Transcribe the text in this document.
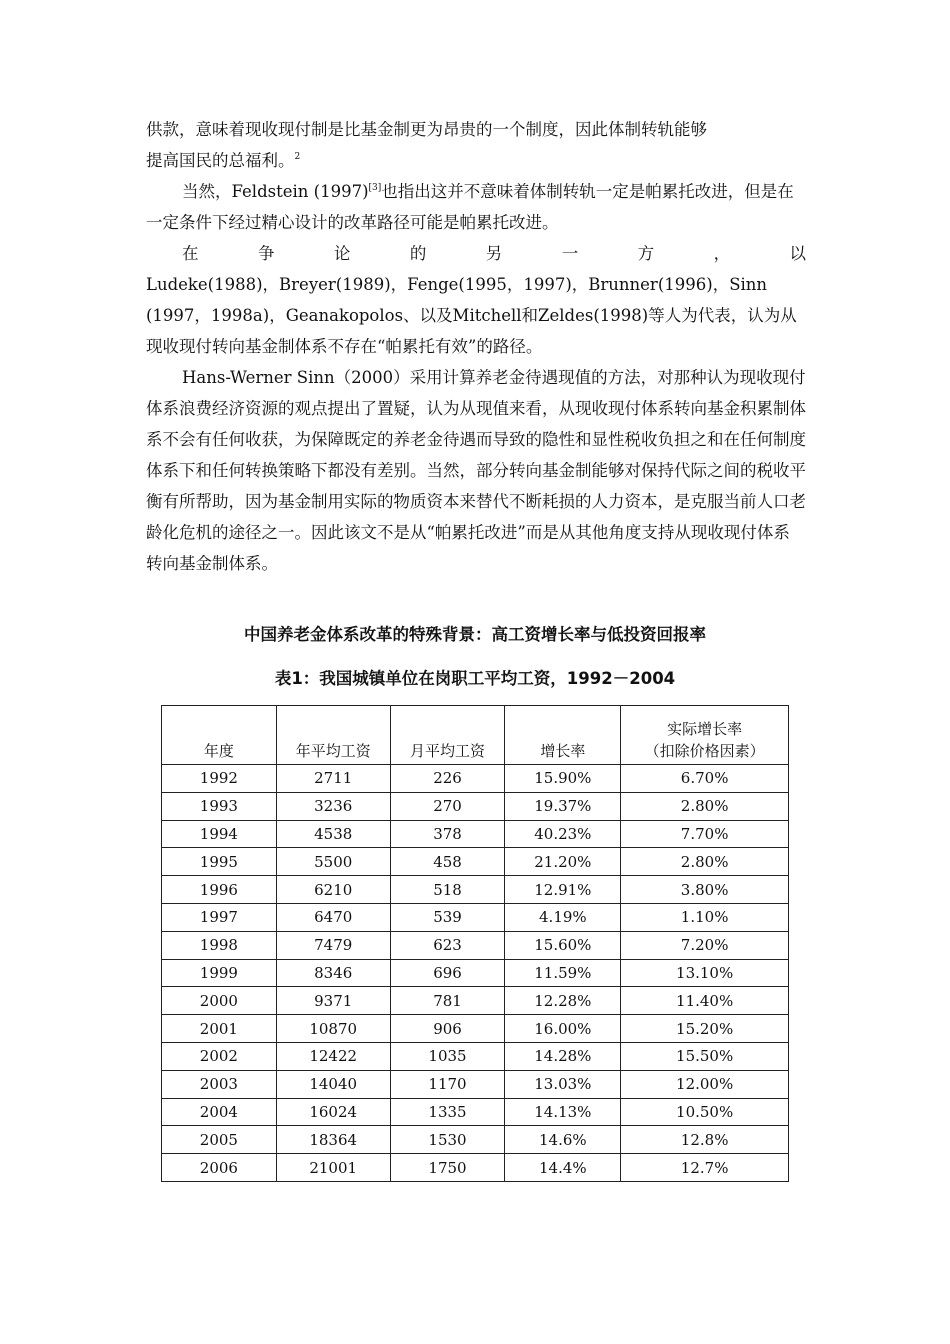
供款，意味着现收现付制是比基金制更为昂贵的一个制度，因此体制转轨能够

提高国民的总福利。$^2$

当然，Feldstein (1997)[3]也指出这并不意味着体制转轨一定是帕累托改进，但是在一定条件下经过精心设计的改革路径可能是帕累托改进。

在	争	论	的	另	一	方	，	以

Ludeke(1988)，Breyer(1989)，Fenge(1995，1997)，Brunner(1996)，Sinn (1997，1998a)，Geanakopolos、以及Mitchell和Zeldes(1998)等人为代表，认为从现收现付转向基金制体系不存在“帕累托有效”的路径。

Hans-Werner Sinn（2000）采用计算养老金待遇现值的方法，对那种认为现收现付体系浪费经济资源的观点提出了置疑，认为从现值来看，从现收现付体系转向基金积累制体系不会有任何收获，为保障既定的养老金待遇而导致的隐性和显性税收负担之和在任何制度体系下和任何转换策略下都没有差别。当然，部分转向基金制能够对保持代际之间的税收平衡有所帮助，因为基金制用实际的物质资本来替代不断耗损的人力资本，是克服当前人口老龄化危机的途径之一。因此该文不是从“帕累托改进”而是从其他角度支持从现收现付体系转向基金制体系。

中国养老金体系改革的特殊背景：高工资增长率与低投资回报率
表1：我国城镇单位在岗职工平均工资，1992－2004
年度	年平均工资	月平均工资	增长率	实际增长率
（扣除价格因素）

1992	2711	226	15.90%	6.70%
1993	3236	270	19.37%	2.80%
1994	4538	378	40.23%	7.70%
1995	5500	458	21.20%	2.80%
1996	6210	518	12.91%	3.80%
1997	6470	539	4.19%	1.10%
1998	7479	623	15.60%	7.20%
1999	8346	696	11.59%	13.10%
2000	9371	781	12.28%	11.40%
2001	10870	906	16.00%	15.20%
2002	12422	1035	14.28%	15.50%
2003	14040	1170	13.03%	12.00%
2004	16024	1335	14.13%	10.50%
2005	18364	1530	14.6%	12.8%
2006	21001	1750	14.4%	12.7%
